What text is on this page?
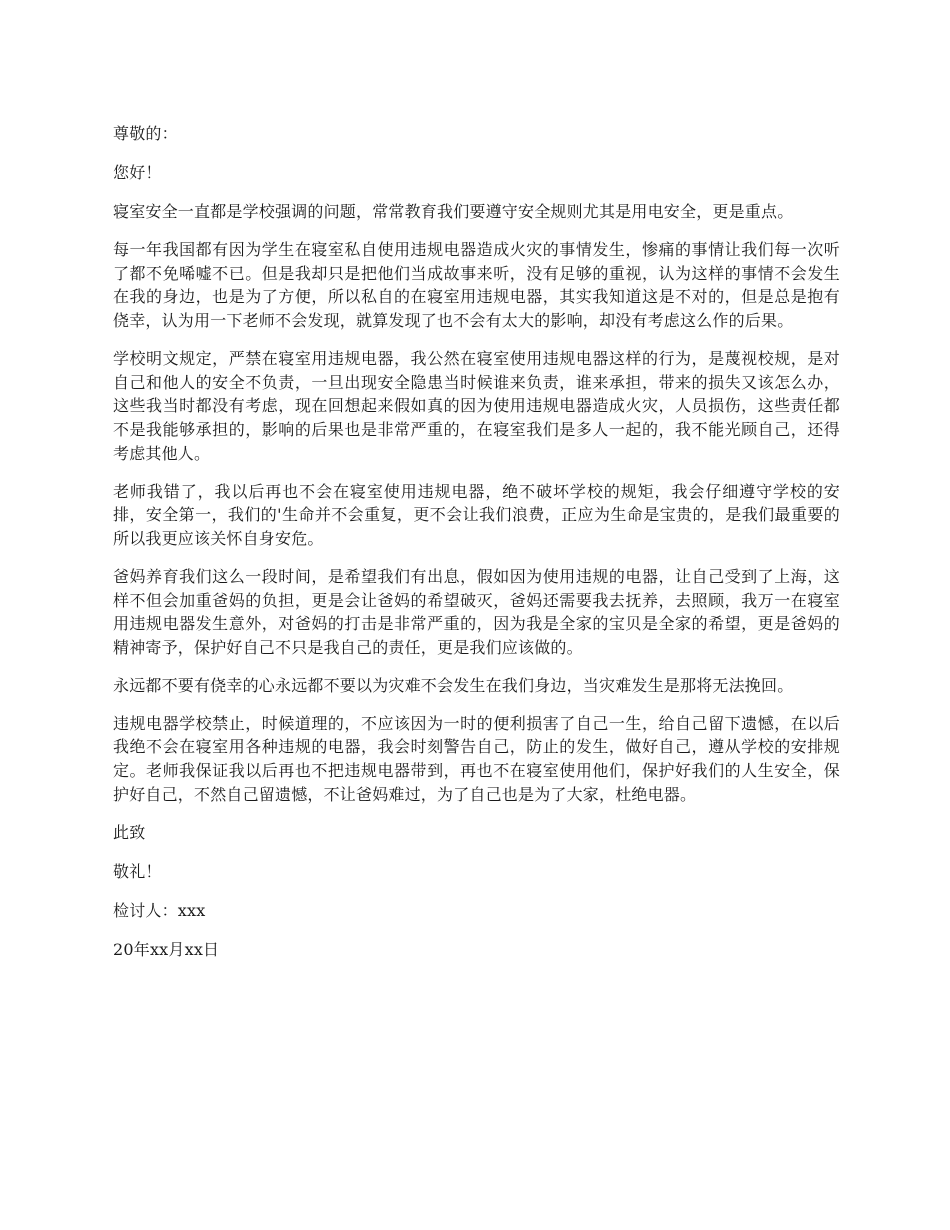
尊敬的：

您好！

寝室安全一直都是学校强调的问题，常常教育我们要遵守安全规则尤其是用电安全，更是重点。

每一年我国都有因为学生在寝室私自使用违规电器造成火灾的事情发生，惨痛的事情让我们每一次听了都不免唏嘘不已。但是我却只是把他们当成故事来听，没有足够的重视，认为这样的事情不会发生在我的身边，也是为了方便，所以私自的在寝室用违规电器，其实我知道这是不对的，但是总是抱有侥幸，认为用一下老师不会发现，就算发现了也不会有太大的影响，却没有考虑这么作的后果。

学校明文规定，严禁在寝室用违规电器，我公然在寝室使用违规电器这样的行为，是蔑视校规，是对自己和他人的安全不负责，一旦出现安全隐患当时候谁来负责，谁来承担，带来的损失又该怎么办，这些我当时都没有考虑，现在回想起来假如真的因为使用违规电器造成火灾，人员损伤，这些责任都不是我能够承担的，影响的后果也是非常严重的，在寝室我们是多人一起的，我不能光顾自己，还得考虑其他人。

老师我错了，我以后再也不会在寝室使用违规电器，绝不破坏学校的规矩，我会仔细遵守学校的安排，安全第一，我们的'生命并不会重复，更不会让我们浪费，正应为生命是宝贵的，是我们最重要的所以我更应该关怀自身安危。

爸妈养育我们这么一段时间，是希望我们有出息，假如因为使用违规的电器，让自己受到了上海，这样不但会加重爸妈的负担，更是会让爸妈的希望破灭，爸妈还需要我去抚养，去照顾，我万一在寝室用违规电器发生意外，对爸妈的打击是非常严重的，因为我是全家的宝贝是全家的希望，更是爸妈的精神寄予，保护好自己不只是我自己的责任，更是我们应该做的。

永远都不要有侥幸的心永远都不要以为灾难不会发生在我们身边，当灾难发生是那将无法挽回。

违规电器学校禁止，时候道理的，不应该因为一时的便利损害了自己一生，给自己留下遗憾，在以后我绝不会在寝室用各种违规的电器，我会时刻警告自己，防止的发生，做好自己，遵从学校的安排规定。老师我保证我以后再也不把违规电器带到，再也不在寝室使用他们，保护好我们的人生安全，保护好自己，不然自己留遗憾，不让爸妈难过，为了自己也是为了大家，杜绝电器。

此致

敬礼！

检讨人：xxx

20年xx月xx日
